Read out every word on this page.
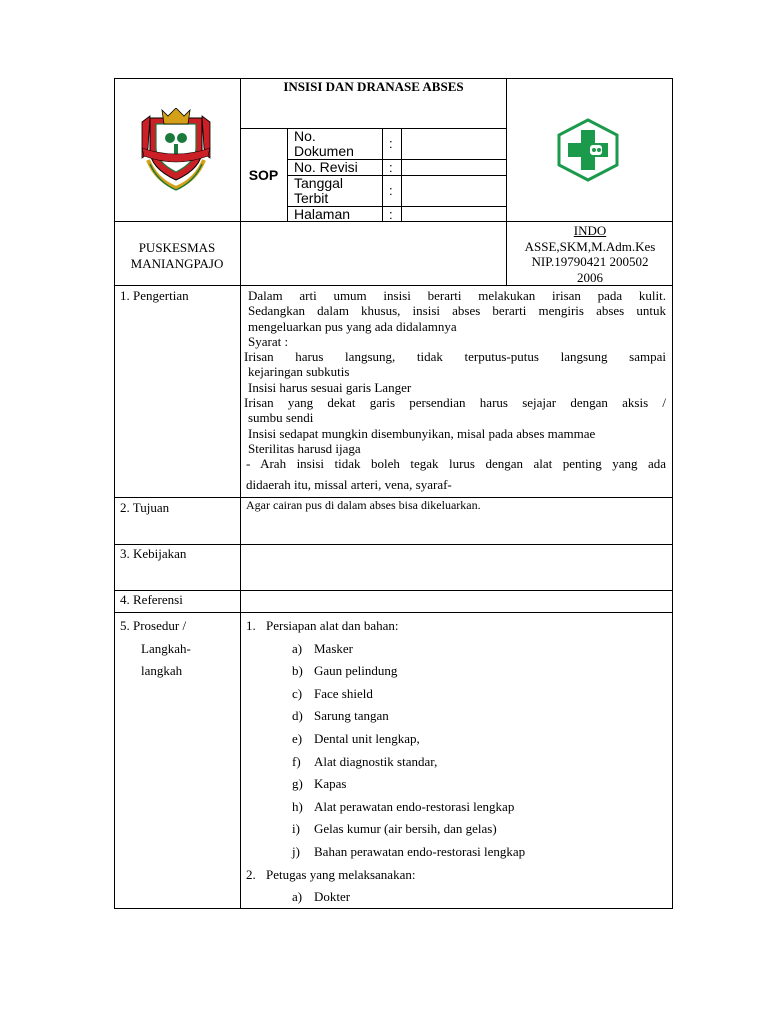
INSISI DAN DRANASE ABSES
SOP
No.
Dokumen	:
No. Revisi :
Tanggal
Terbit	:
Halaman	:
PUSKESMAS
MANIANGPAJO
INDO
ASSE,SKM,M.Adm.Kes
NIP.19790421 200502
2006
1. Pengertian	Dalam arti umum insisi berarti melakukan irisan pada kulit.
Sedangkan dalam khusus, insisi abses berarti mengiris abses untuk
mengeluarkan pus yang ada didalamnya
Syarat :
Irisan harus langsung, tidak terputus-putus langsung sampai
kejaringan subkutis
Insisi harus sesuai garis Langer
Irisan yang dekat garis persendian harus sejajar dengan aksis /
sumbu sendi
Insisi sedapat mungkin disembunyikan, misal pada abses mammae
Sterilitas harusd ijaga
- Arah insisi tidak boleh tegak lurus dengan alat penting yang ada
didaerah itu, missal arteri, vena, syaraf-
2. Tujuan	Agar cairan pus di dalam abses bisa dikeluarkan.
3. Kebijakan
4. Referensi
5. Prosedur /
Langkah-
langkah
1. Persiapan alat dan bahan:
a) Masker
b) Gaun pelindung
c) Face shield
d) Sarung tangan
e) Dental unit lengkap,
f) Alat diagnostik standar,
g) Kapas
h) Alat perawatan endo-restorasi lengkap
i) Gelas kumur (air bersih, dan gelas)
j) Bahan perawatan endo-restorasi lengkap
2. Petugas yang melaksanakan:
a) Dokter
